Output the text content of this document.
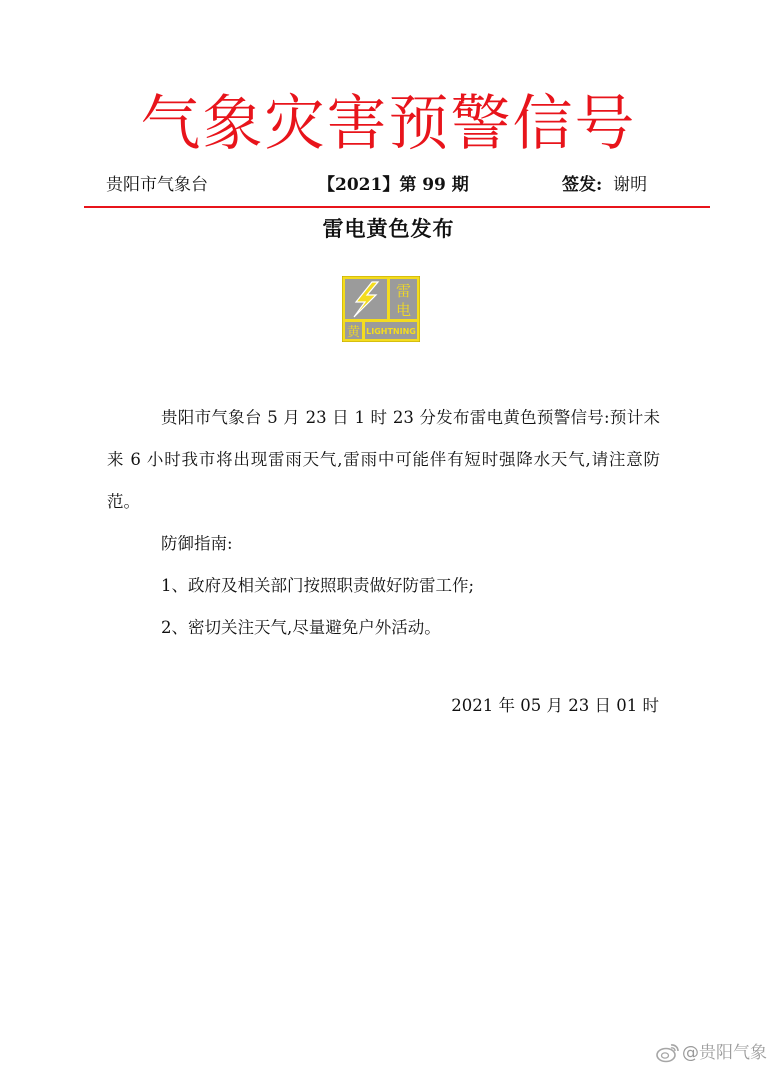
气象灾害预警信号
贵阳市气象台	【2021】第 99 期	签发: 谢明
雷电黄色发布
雷
电
黄 LIGHTNING

贵阳市气象台 5 月 23 日 1 时 23 分发布雷电黄色预警信号:预计未来 6 小时我市将出现雷雨天气,雷雨中可能伴有短时强降水天气,请注意防范。

防御指南:

1、政府及相关部门按照职责做好防雷工作;

2、密切关注天气,尽量避免户外活动。

2021 年 05 月 23 日 01 时
@贵阳气象
